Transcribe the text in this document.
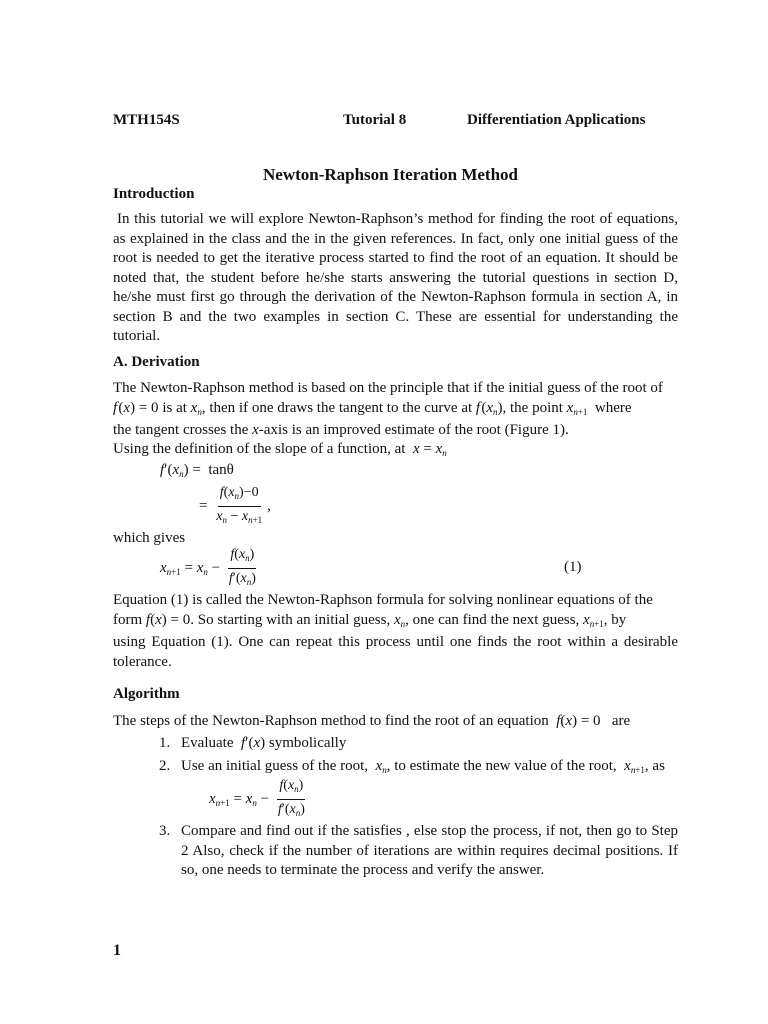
MTH154S	Tutorial 8	Differentiation Applications
Newton-Raphson Iteration Method
Introduction
In this tutorial we will explore Newton-Raphson’s method for finding the root of equations, as explained in the class and the in the given references. In fact, only one initial guess of the root is needed to get the iterative process started to find the root of an equation. It should be noted that, the student before he/she starts answering the tutorial questions in section D, he/she must first go through the derivation of the Newton-Raphson formula in section A, in section B and the two examples in section C. These are essential for understanding the tutorial.
A. Derivation
The Newton-Raphson method is based on the principle that if the initial guess of the root of
f (x) = 0 is at $x_n$, then if one draws the tangent to the curve at f $(x_n)$, the point $x_{n+1}$ where
the tangent crosses the x-axis is an improved estimate of the root (Figure 1).
Using the definition of the slope of a function, at $x = x_n$
$f'(x_n) = \tan\theta$
= $\frac{f(x_n)-0}{x_n - x_{n+1}}$ ,
which gives
$x_{n+1} = x_n - \frac{f(x_n)}{f'(x_n)}$	(1)
Equation (1) is called the Newton-Raphson formula for solving nonlinear equations of the
form f(x) = 0. So starting with an initial guess, $x_n$, one can find the next guess, $x_{n+1}$, by
using Equation (1). One can repeat this process until one finds the root within a desirable tolerance.
Algorithm
The steps of the Newton-Raphson method to find the root of an equation f(x) = 0   are
1. Evaluate f′(x) symbolically
2. Use an initial guess of the root, $x_n$, to estimate the new value of the root, $x_{n+1}$, as
$x_{n+1} = x_n - \frac{f(x_n)}{f'(x_n)}$
3. Compare and find out if the satisfies , else stop the process, if not, then go to Step 2 Also, check if the number of iterations are within requires decimal positions. If so, one needs to terminate the process and verify the answer.
1
